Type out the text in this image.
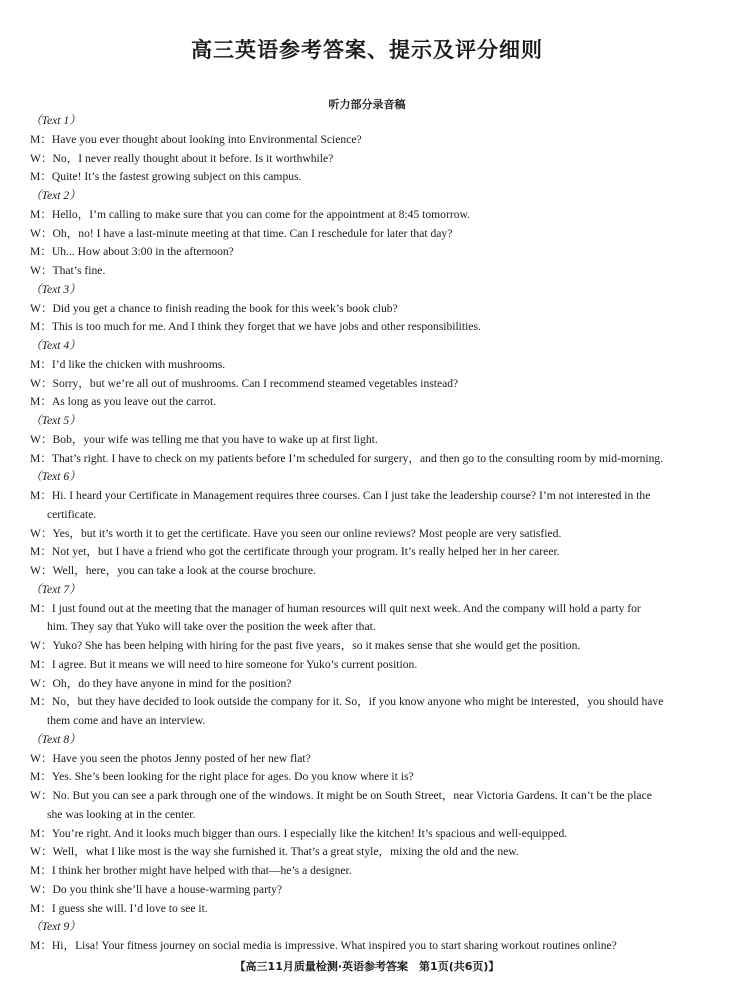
高三英语参考答案、提示及评分细则
听力部分录音稿
（Text 1）
M：Have you ever thought about looking into Environmental Science?
W：No，I never really thought about it before. Is it worthwhile?
M：Quite! It’s the fastest growing subject on this campus.
（Text 2）
M：Hello，I’m calling to make sure that you can come for the appointment at 8:45 tomorrow.
W：Oh，no! I have a last-minute meeting at that time. Can I reschedule for later that day?
M：Uh... How about 3:00 in the afternoon?
W：That’s fine.
（Text 3）
W：Did you get a chance to finish reading the book for this week’s book club?
M：This is too much for me. And I think they forget that we have jobs and other responsibilities.
（Text 4）
M：I’d like the chicken with mushrooms.
W：Sorry，but we’re all out of mushrooms. Can I recommend steamed vegetables instead?
M：As long as you leave out the carrot.
（Text 5）
W：Bob，your wife was telling me that you have to wake up at first light.
M：That’s right. I have to check on my patients before I’m scheduled for surgery，and then go to the consulting room by mid-morning.
（Text 6）
M：Hi. I heard your Certificate in Management requires three courses. Can I just take the leadership course? I’m not interested in the
certificate.
W：Yes，but it’s worth it to get the certificate. Have you seen our online reviews? Most people are very satisfied.
M：Not yet，but I have a friend who got the certificate through your program. It’s really helped her in her career.
W：Well，here，you can take a look at the course brochure.
（Text 7）
M：I just found out at the meeting that the manager of human resources will quit next week. And the company will hold a party for
him. They say that Yuko will take over the position the week after that.
W：Yuko? She has been helping with hiring for the past five years，so it makes sense that she would get the position.
M：I agree. But it means we will need to hire someone for Yuko’s current position.
W：Oh，do they have anyone in mind for the position?
M：No，but they have decided to look outside the company for it. So，if you know anyone who might be interested，you should have
them come and have an interview.
（Text 8）
W：Have you seen the photos Jenny posted of her new flat?
M：Yes. She’s been looking for the right place for ages. Do you know where it is?
W：No. But you can see a park through one of the windows. It might be on South Street，near Victoria Gardens. It can’t be the place
she was looking at in the center.
M：You’re right. And it looks much bigger than ours. I especially like the kitchen! It’s spacious and well-equipped.
W：Well，what I like most is the way she furnished it. That’s a great style，mixing the old and the new.
M：I think her brother might have helped with that—he’s a designer.
W：Do you think she’ll have a house-warming party?
M：I guess she will. I’d love to see it.
（Text 9）
M：Hi，Lisa! Your fitness journey on social media is impressive. What inspired you to start sharing workout routines online?
【高三11月质量检测·英语参考答案　第1页(共6页)】
